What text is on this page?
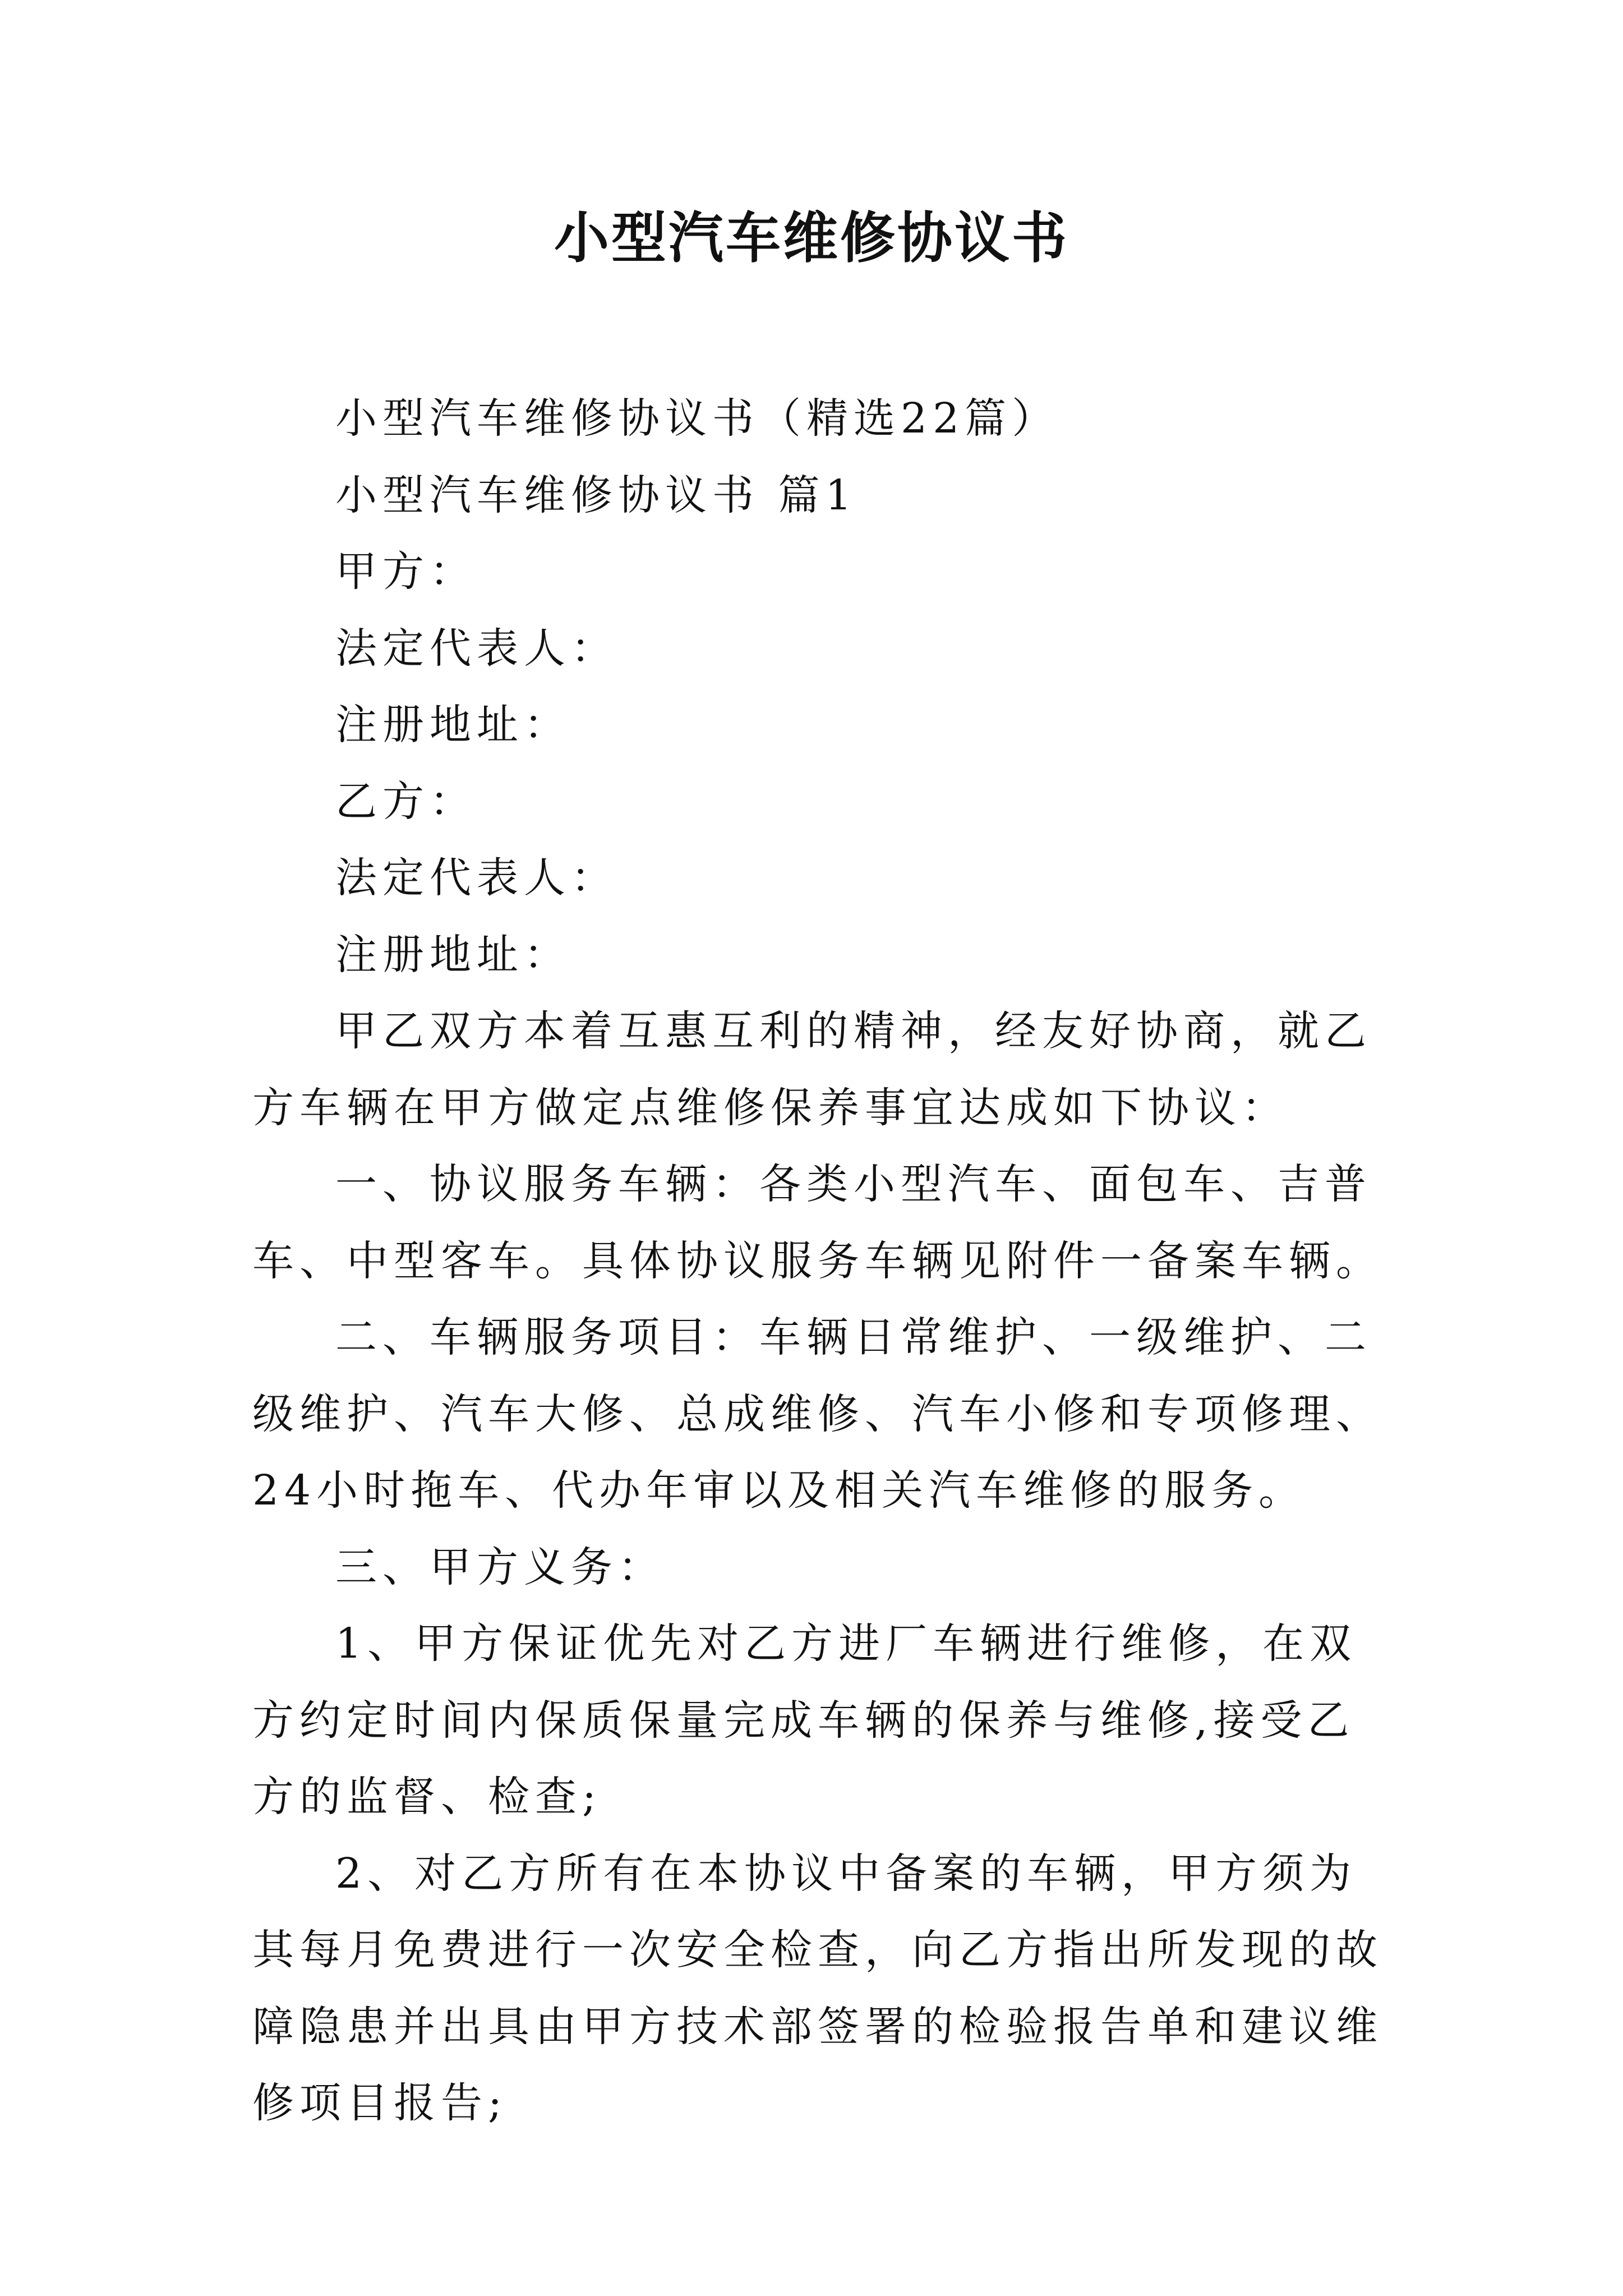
小型汽车维修协议书

小型汽车维修协议书（精选22篇）

小型汽车维修协议书 篇1

甲方：

法定代表人：

注册地址：

乙方：

法定代表人：

注册地址：

甲乙双方本着互惠互利的精神，经友好协商，就乙方车辆在甲方做定点维修保养事宜达成如下协议：

一、协议服务车辆：各类小型汽车、面包车、吉普车、中型客车。具体协议服务车辆见附件一备案车辆。

二、车辆服务项目：车辆日常维护、一级维护、二级维护、汽车大修、总成维修、汽车小修和专项修理、24小时拖车、代办年审以及相关汽车维修的服务。

三、甲方义务：

1、甲方保证优先对乙方进厂车辆进行维修，在双方约定时间内保质保量完成车辆的保养与维修,接受乙方的监督、检查;

2、对乙方所有在本协议中备案的车辆，甲方须为其每月免费进行一次安全检查，向乙方指出所发现的故障隐患并出具由甲方技术部签署的检验报告单和建议维修项目报告;
